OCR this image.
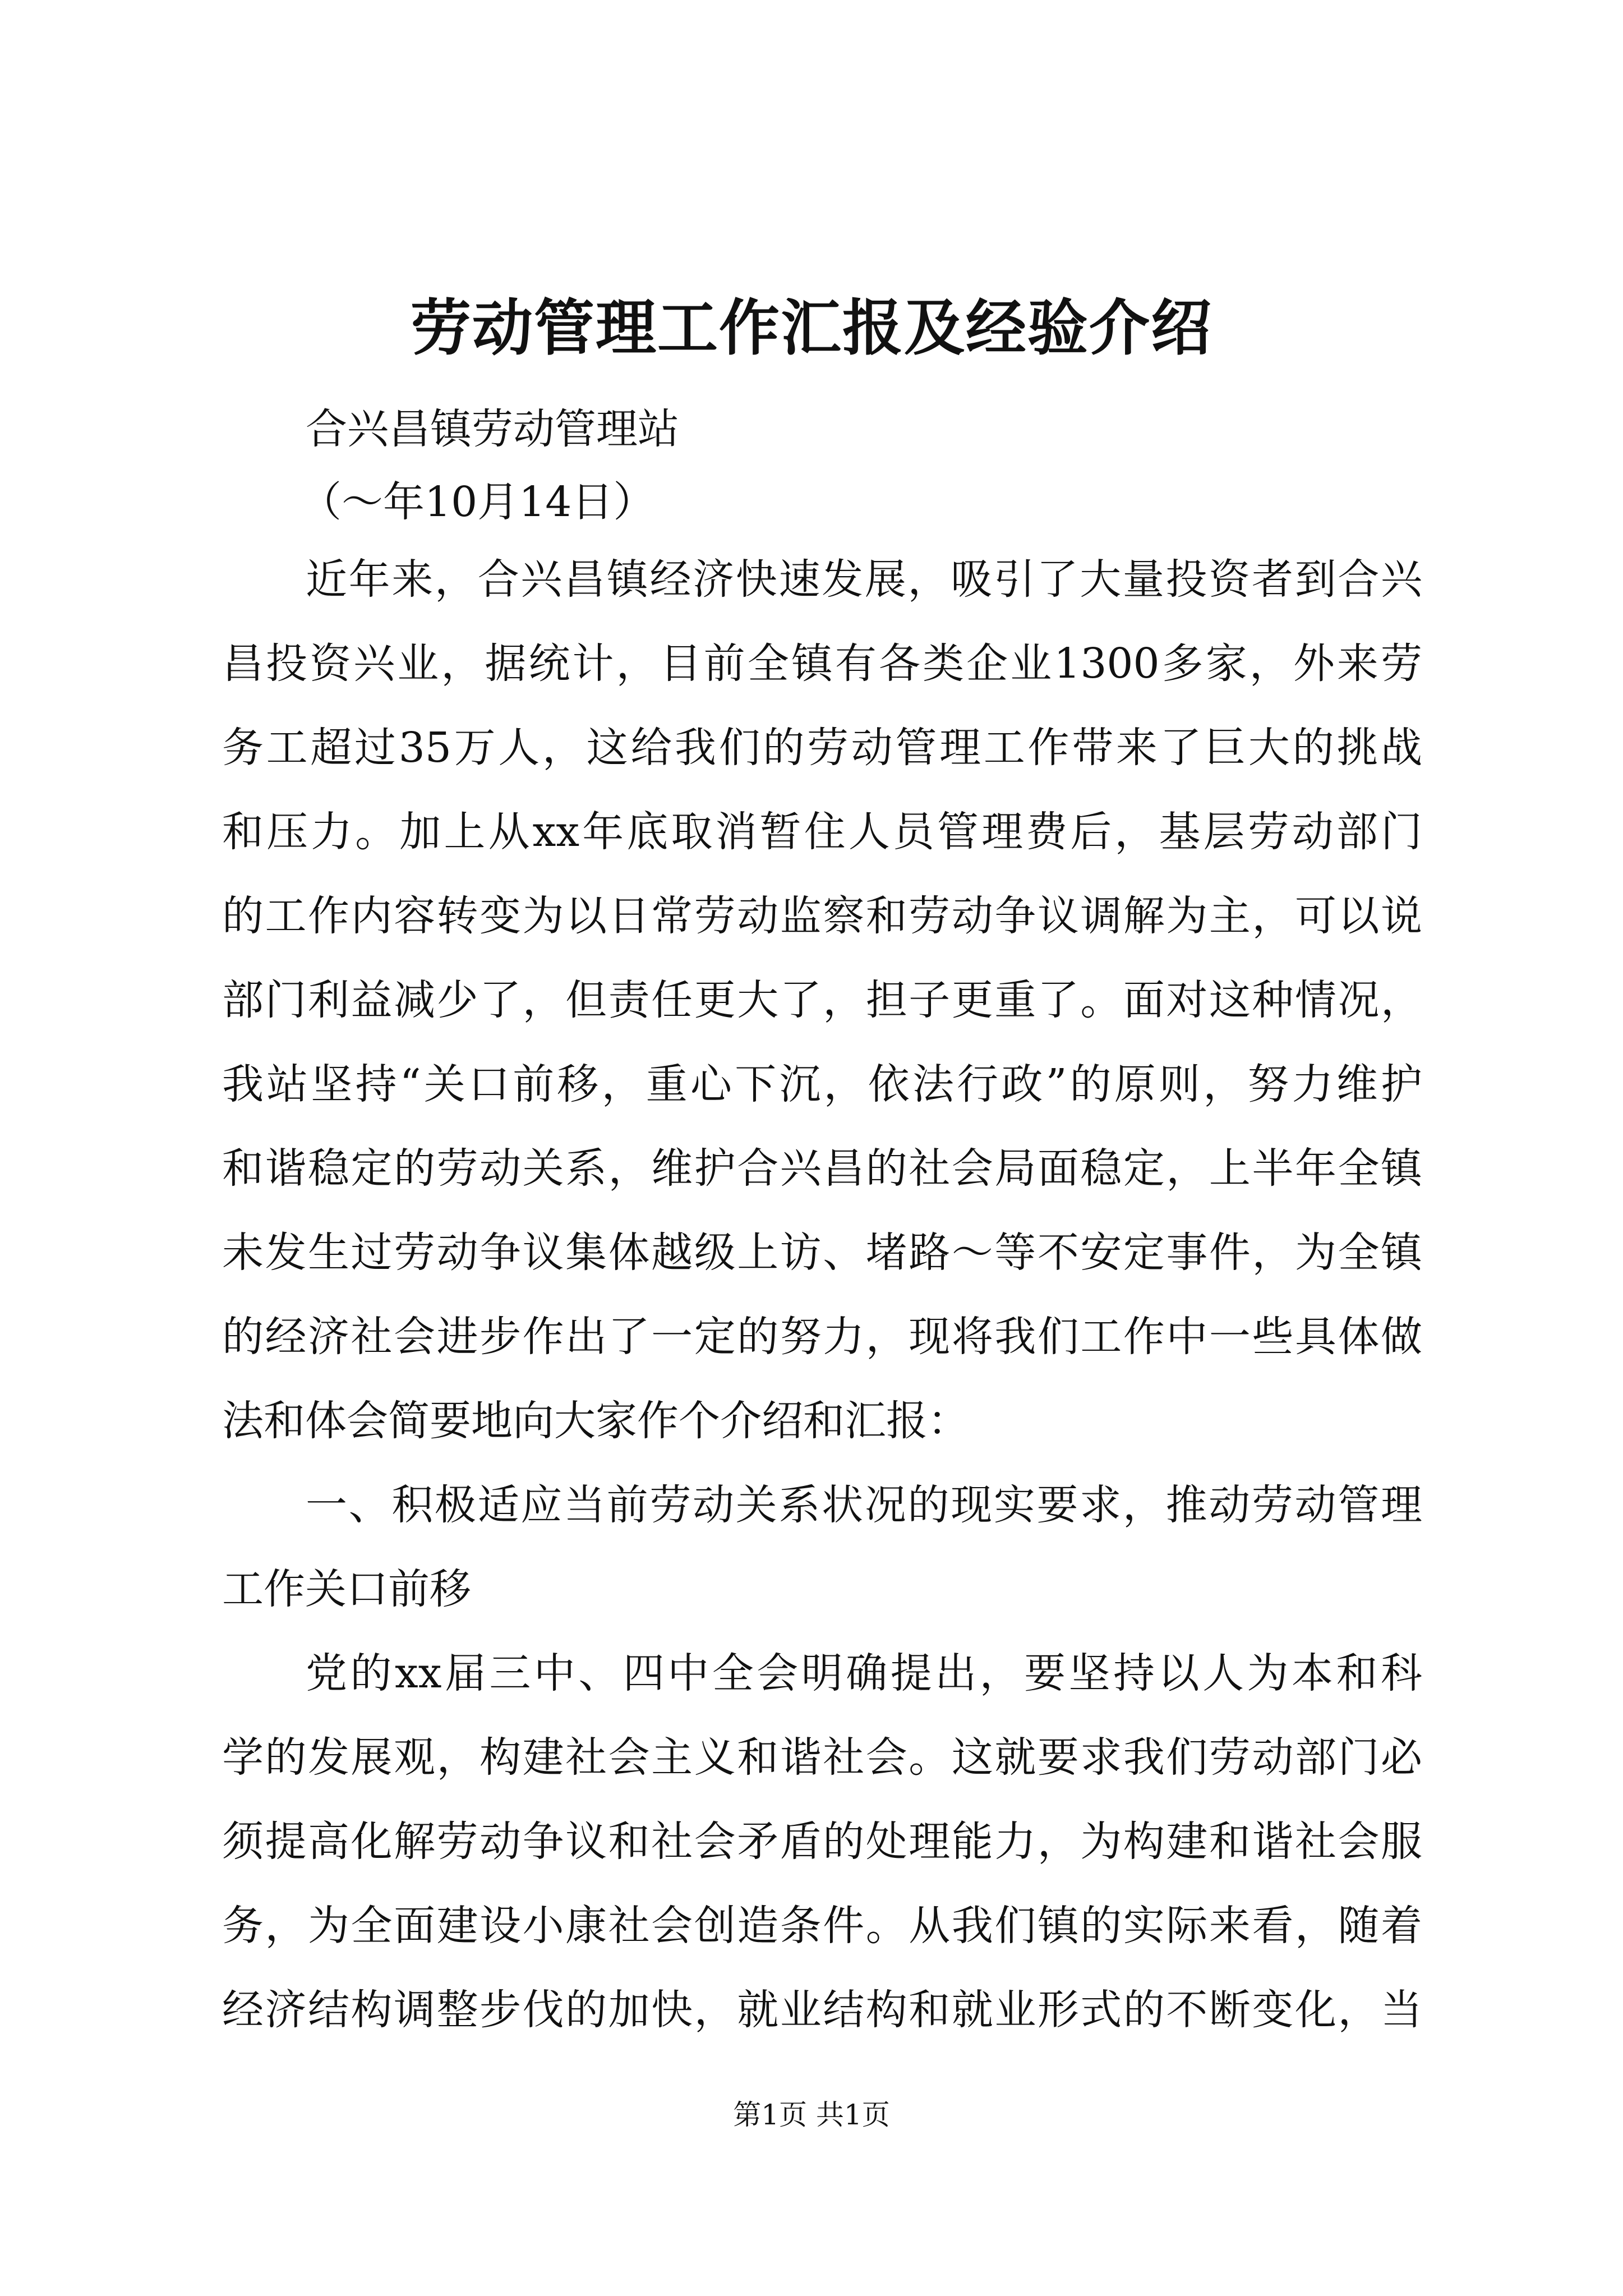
劳动管理工作汇报及经验介绍
合兴昌镇劳动管理站
（～年10月14日）
近年来，合兴昌镇经济快速发展，吸引了大量投资者到合兴
昌投资兴业，据统计，目前全镇有各类企业1300多家，外来劳
务工超过35万人，这给我们的劳动管理工作带来了巨大的挑战
和压力。加上从xx年底取消暂住人员管理费后，基层劳动部门
的工作内容转变为以日常劳动监察和劳动争议调解为主，可以说
部门利益减少了，但责任更大了，担子更重了。面对这种情况，
我站坚持“关口前移，重心下沉，依法行政”的原则，努力维护
和谐稳定的劳动关系，维护合兴昌的社会局面稳定，上半年全镇
未发生过劳动争议集体越级上访、堵路～等不安定事件，为全镇
的经济社会进步作出了一定的努力，现将我们工作中一些具体做
法和体会简要地向大家作个介绍和汇报：
一、积极适应当前劳动关系状况的现实要求，推动劳动管理
工作关口前移
党的xx届三中、四中全会明确提出，要坚持以人为本和科
学的发展观，构建社会主义和谐社会。这就要求我们劳动部门必
须提高化解劳动争议和社会矛盾的处理能力，为构建和谐社会服
务，为全面建设小康社会创造条件。从我们镇的实际来看，随着
经济结构调整步伐的加快，就业结构和就业形式的不断变化，当
第1页 共1页
